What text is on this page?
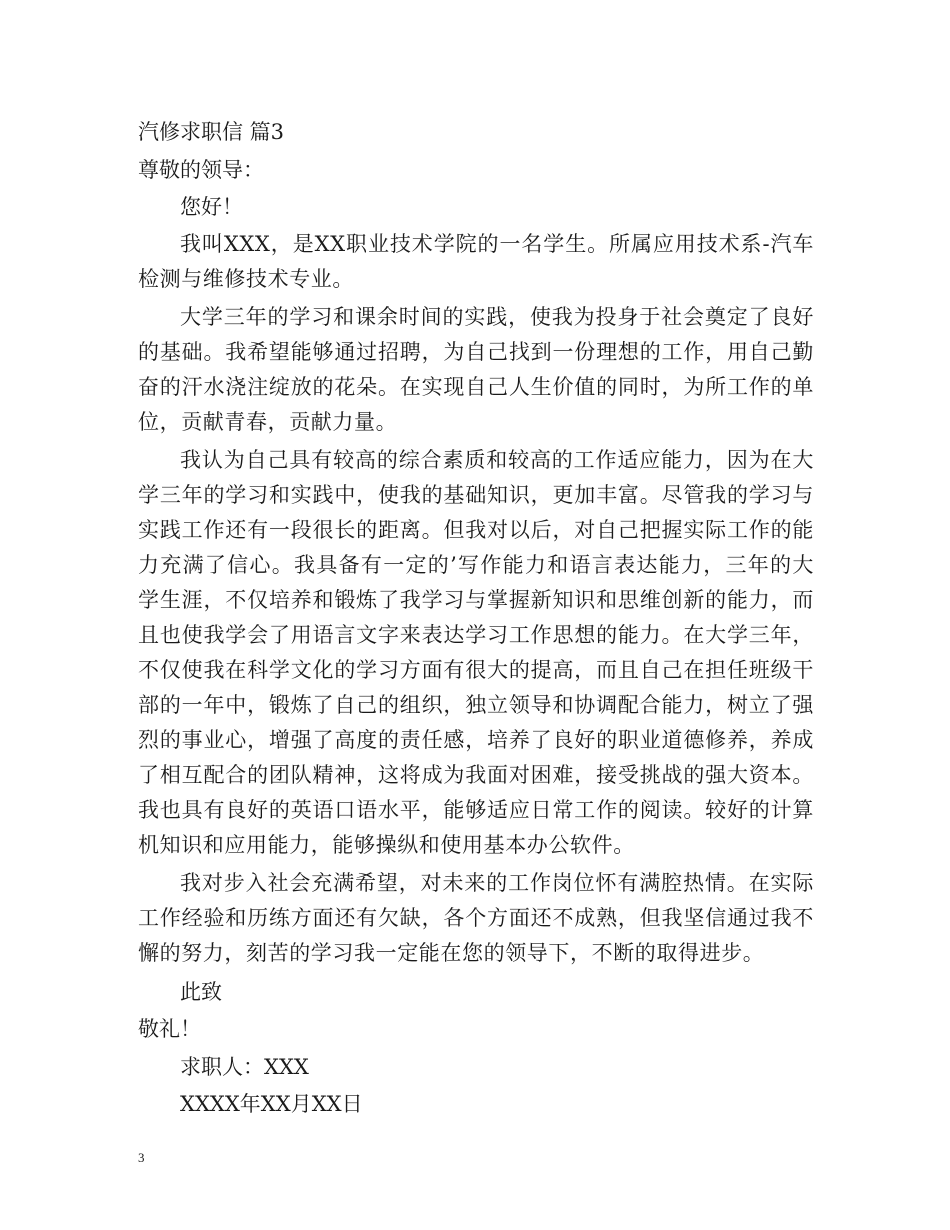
汽修求职信 篇3

尊敬的领导：

您好！

我叫XXX，是XX职业技术学院的一名学生。所属应用技术系-汽车检测与维修技术专业。

大学三年的学习和课余时间的实践，使我为投身于社会奠定了良好的基础。我希望能够通过招聘，为自己找到一份理想的工作，用自己勤奋的汗水浇注绽放的花朵。在实现自己人生价值的同时，为所工作的单位，贡献青春，贡献力量。

我认为自己具有较高的综合素质和较高的工作适应能力，因为在大学三年的学习和实践中，使我的基础知识，更加丰富。尽管我的学习与实践工作还有一段很长的距离。但我对以后，对自己把握实际工作的能力充满了信心。我具备有一定的’写作能力和语言表达能力，三年的大学生涯，不仅培养和锻炼了我学习与掌握新知识和思维创新的能力，而且也使我学会了用语言文字来表达学习工作思想的能力。在大学三年，不仅使我在科学文化的学习方面有很大的提高，而且自己在担任班级干部的一年中，锻炼了自己的组织，独立领导和协调配合能力，树立了强烈的事业心，增强了高度的责任感，培养了良好的职业道德修养，养成了相互配合的团队精神，这将成为我面对困难，接受挑战的强大资本。我也具有良好的英语口语水平，能够适应日常工作的阅读。较好的计算机知识和应用能力，能够操纵和使用基本办公软件。

我对步入社会充满希望，对未来的工作岗位怀有满腔热情。在实际工作经验和历练方面还有欠缺，各个方面还不成熟，但我坚信通过我不懈的努力，刻苦的学习我一定能在您的领导下，不断的取得进步。

此致

敬礼！

求职人：XXX

XXXX年XX月XX日

3
